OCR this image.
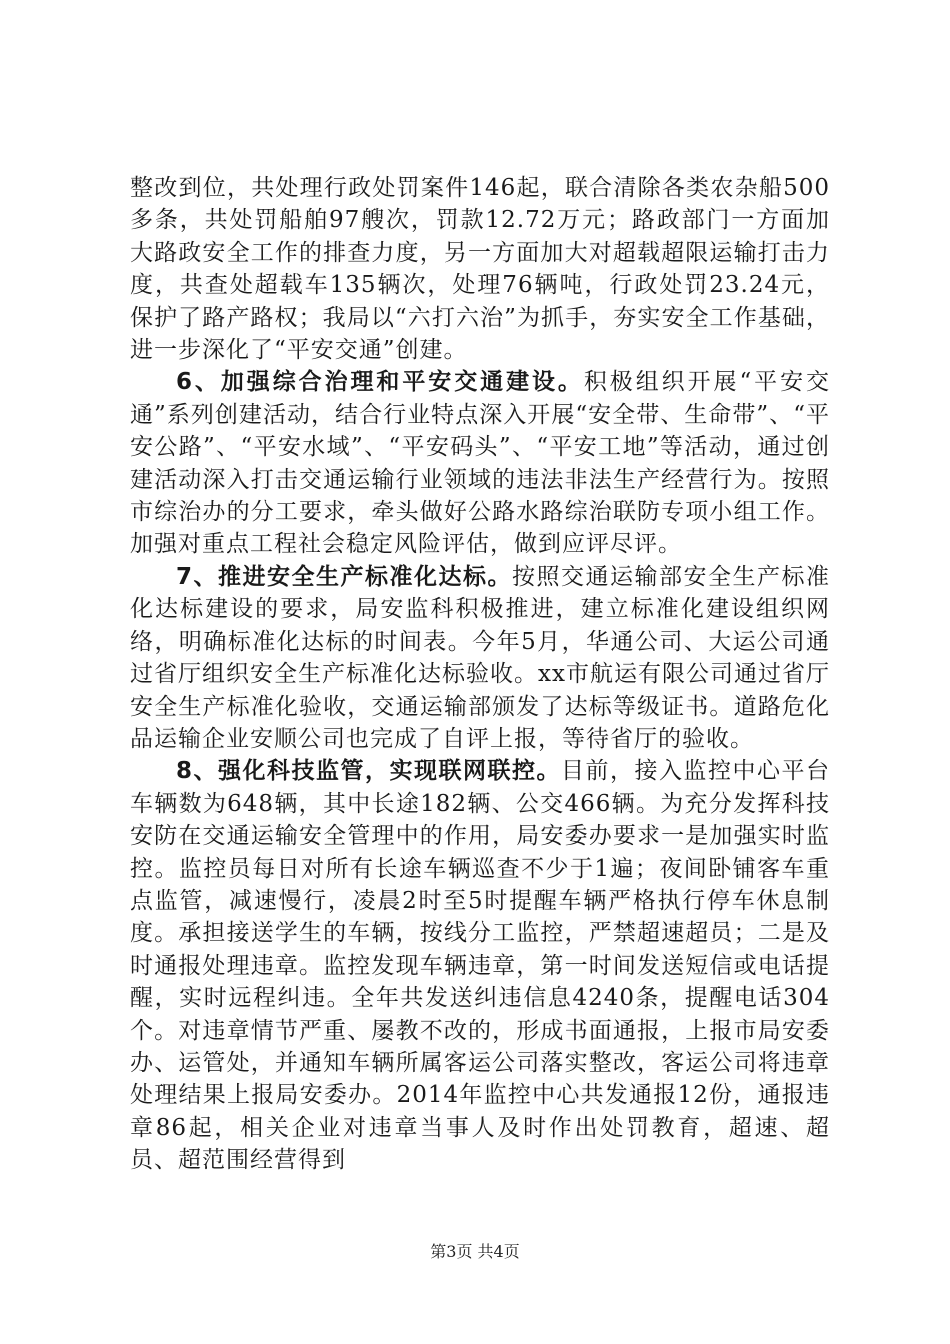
整改到位，共处理行政处罚案件146起，联合清除各类农杂船500多条，共处罚船舶97艘次，罚款12.72万元；路政部门一方面加大路政安全工作的排查力度，另一方面加大对超载超限运输打击力度，共查处超载车135辆次，处理76辆吨，行政处罚23.24元，保护了路产路权；我局以“六打六治”为抓手，夯实安全工作基础，进一步深化了“平安交通”创建。

6、加强综合治理和平安交通建设。积极组织开展“平安交通”系列创建活动，结合行业特点深入开展“安全带、生命带”、“平安公路”、“平安水域”、“平安码头”、“平安工地”等活动，通过创建活动深入打击交通运输行业领域的违法非法生产经营行为。按照市综治办的分工要求，牵头做好公路水路综治联防专项小组工作。加强对重点工程社会稳定风险评估，做到应评尽评。

7、推进安全生产标准化达标。按照交通运输部安全生产标准化达标建设的要求，局安监科积极推进，建立标准化建设组织网络，明确标准化达标的时间表。今年5月，华通公司、大运公司通过省厅组织安全生产标准化达标验收。xx市航运有限公司通过省厅安全生产标准化验收，交通运输部颁发了达标等级证书。道路危化品运输企业安顺公司也完成了自评上报，等待省厅的验收。

8、强化科技监管，实现联网联控。目前，接入监控中心平台车辆数为648辆，其中长途182辆、公交466辆。为充分发挥科技安防在交通运输安全管理中的作用，局安委办要求一是加强实时监控。监控员每日对所有长途车辆巡查不少于1遍；夜间卧铺客车重点监管，减速慢行，凌晨2时至5时提醒车辆严格执行停车休息制度。承担接送学生的车辆，按线分工监控，严禁超速超员；二是及时通报处理违章。监控发现车辆违章，第一时间发送短信或电话提醒，实时远程纠违。全年共发送纠违信息4240条，提醒电话304个。对违章情节严重、屡教不改的，形成书面通报，上报市局安委办、运管处，并通知车辆所属客运公司落实整改，客运公司将违章处理结果上报局安委办。2014年监控中心共发通报12份，通报违章86起，相关企业对违章当事人及时作出处罚教育，超速、超员、超范围经营得到

第3页 共4页
